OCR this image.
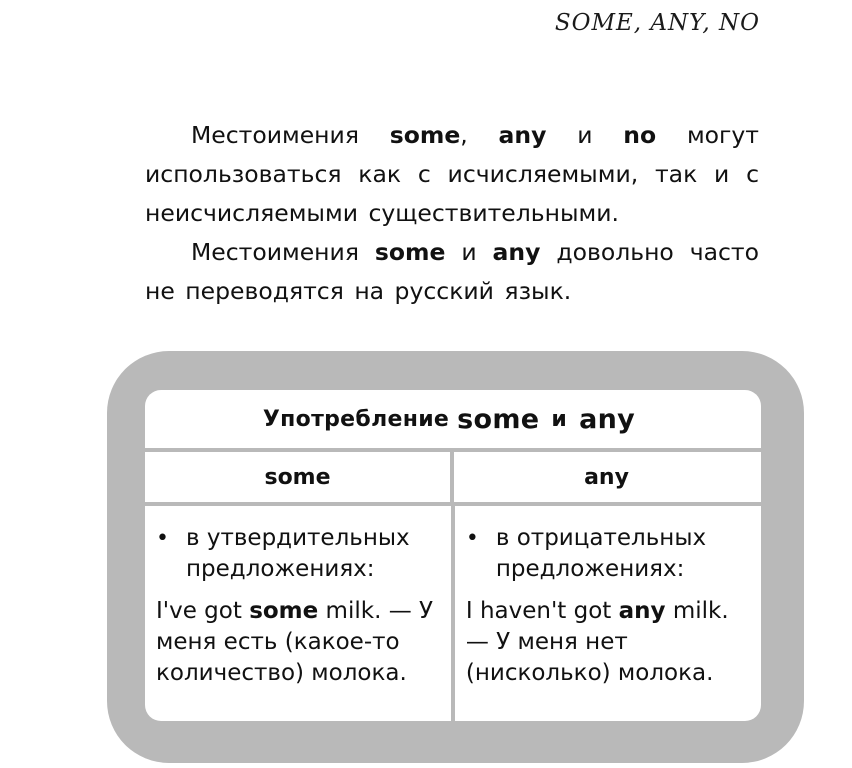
SOME, ANY, NO

Местоимения some, any и no могут использоваться как с исчисляемыми, так и с неисчисляемыми существительными.

Местоимения some и any довольно часто не переводятся на русский язык.

Употребление some и any
some	any
• в утвердительных предложениях:
I've got some milk. — У меня есть (какое-то количество) молока.
• в отрицательных предложениях:
I haven't got any milk. — У меня нет (нисколько) молока.
